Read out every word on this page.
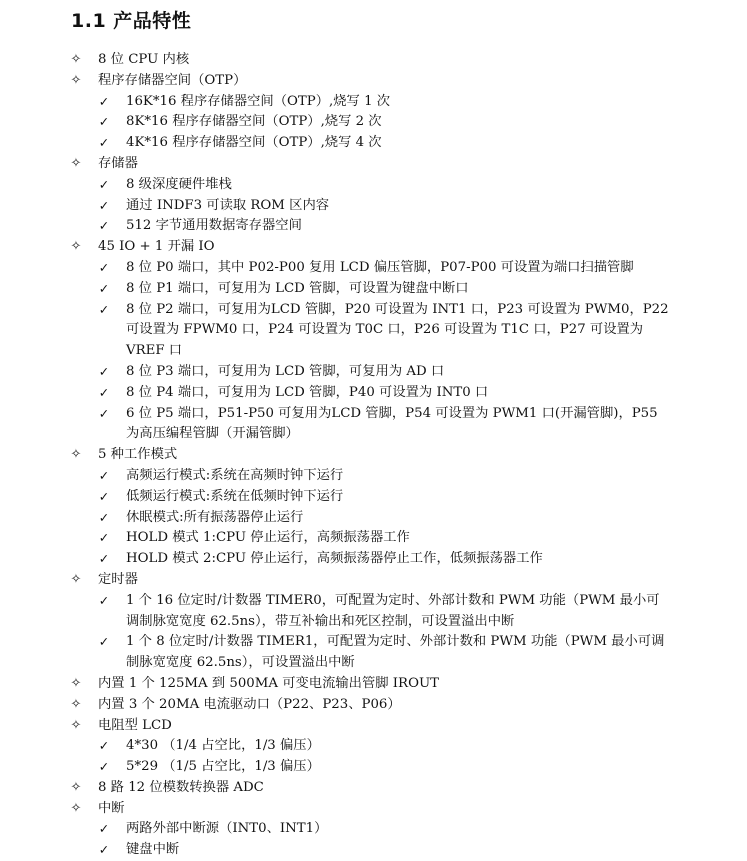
1.1 产品特性
✧ 8 位 CPU 内核
✧ 程序存储器空间（OTP）
✓ 16K*16 程序存储器空间（OTP）,烧写 1 次
✓ 8K*16 程序存储器空间（OTP）,烧写 2 次
✓ 4K*16 程序存储器空间（OTP）,烧写 4 次
✧ 存储器
✓ 8 级深度硬件堆栈
✓ 通过 INDF3 可读取 ROM 区内容
✓ 512 字节通用数据寄存器空间
✧ 45 IO + 1 开漏 IO
✓ 8 位 P0 端口，其中 P02-P00 复用 LCD 偏压管脚，P07-P00 可设置为端口扫描管脚
✓ 8 位 P1 端口，可复用为 LCD 管脚，可设置为键盘中断口
✓ 8 位 P2 端口，可复用为LCD 管脚，P20 可设置为 INT1 口，P23 可设置为 PWM0，P22 可设置为 FPWM0 口，P24 可设置为 T0C 口，P26 可设置为 T1C 口，P27 可设置为 VREF 口
✓ 8 位 P3 端口，可复用为 LCD 管脚，可复用为 AD 口
✓ 8 位 P4 端口，可复用为 LCD 管脚，P40 可设置为 INT0 口
✓ 6 位 P5 端口，P51-P50 可复用为LCD 管脚，P54 可设置为 PWM1 口(开漏管脚)，P55 为高压编程管脚（开漏管脚）
✧ 5 种工作模式
✓ 高频运行模式:系统在高频时钟下运行
✓ 低频运行模式:系统在低频时钟下运行
✓ 休眠模式:所有振荡器停止运行
✓ HOLD 模式 1:CPU 停止运行，高频振荡器工作
✓ HOLD 模式 2:CPU 停止运行，高频振荡器停止工作，低频振荡器工作
✧ 定时器
✓ 1 个 16 位定时/计数器 TIMER0，可配置为定时、外部计数和 PWM 功能（PWM 最小可调制脉宽宽度 62.5ns），带互补输出和死区控制，可设置溢出中断
✓ 1 个 8 位定时/计数器 TIMER1，可配置为定时、外部计数和 PWM 功能（PWM 最小可调制脉宽宽度 62.5ns），可设置溢出中断
✧ 内置 1 个 125MA 到 500MA 可变电流输出管脚 IROUT
✧ 内置 3 个 20MA 电流驱动口（P22、P23、P06）
✧ 电阻型 LCD
✓ 4*30 （1/4 占空比，1/3 偏压）
✓ 5*29 （1/5 占空比，1/3 偏压）
✧ 8 路 12 位模数转换器 ADC
✧ 中断
✓ 两路外部中断源（INT0、INT1）
✓ 键盘中断
